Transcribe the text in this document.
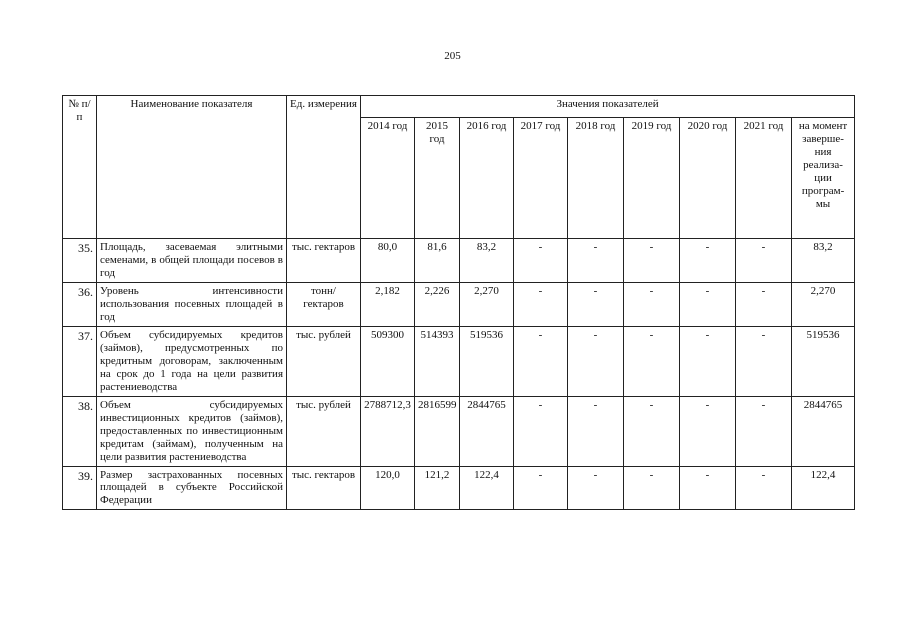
205
№ п/п	Наименование показателя	Ед. измерения	Значения показателей								
			2014 год	2015 год	2016 год	2017 год	2018 год	2019 год	2020 год	2021 год	на момент заверше-ния реализа-ции програм-мы
35.	Площадь, засеваемая элитными семенами, в общей площади посевов в год	тыс. гектаров	80,0	81,6	83,2	-	-	-	-	-	83,2
36.	Уровень интенсивности использования посевных площадей в год	тонн/ гектаров	2,182	2,226	2,270	-	-	-	-	-	2,270
37.	Объем субсидируемых кредитов (займов), предусмотренных по кредитным договорам, заключенным на срок до 1 года на цели развития растениеводства	тыс. рублей	509300	514393	519536	-	-	-	-	-	519536
38.	Объем субсидируемых инвестиционных кредитов (займов), предоставленных по инвестиционным кредитам (займам), полученным на цели развития растениеводства	тыс. рублей	2788712,3	2816599	2844765	-	-	-	-	-	2844765
39.	Размер застрахованных посевных площадей в субъекте Российской Федерации	тыс. гектаров	120,0	121,2	122,4	-	-	-	-	-	122,4
